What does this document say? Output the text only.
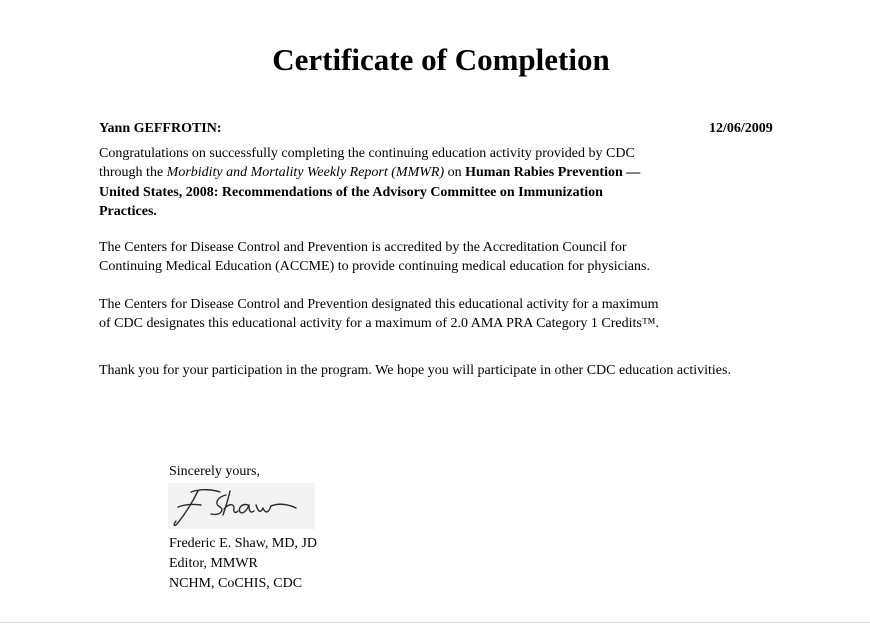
Certificate of Completion
Yann GEFFROTIN:	12/06/2009
Congratulations on successfully completing the continuing education activity provided by CDC
through the Morbidity and Mortality Weekly Report (MMWR) on Human Rabies Prevention —
United States, 2008: Recommendations of the Advisory Committee on Immunization
Practices.
The Centers for Disease Control and Prevention is accredited by the Accreditation Council for
Continuing Medical Education (ACCME) to provide continuing medical education for physicians.
The Centers for Disease Control and Prevention designated this educational activity for a maximum
of CDC designates this educational activity for a maximum of 2.0 AMA PRA Category 1 Credits™.
Thank you for your participation in the program. We hope you will participate in other CDC education activities.
Sincerely yours,
Frederic E. Shaw, MD, JD
Editor, MMWR
NCHM, CoCHIS, CDC
